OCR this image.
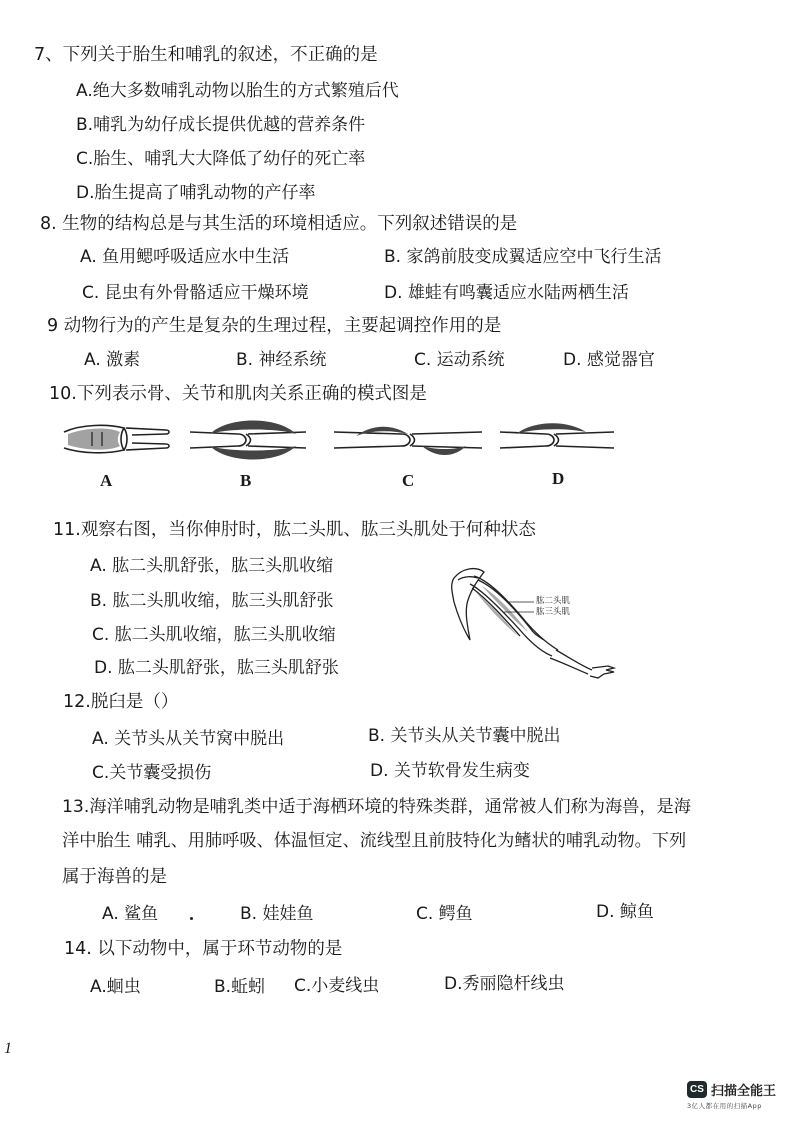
7、下列关于胎生和哺乳的叙述，不正确的是
A.绝大多数哺乳动物以胎生的方式繁殖后代
B.哺乳为幼仔成长提供优越的营养条件
C.胎生、哺乳大大降低了幼仔的死亡率
D.胎生提高了哺乳动物的产仔率
8. 生物的结构总是与其生活的环境相适应。下列叙述错误的是
A. 鱼用鳃呼吸适应水中生活	B. 家鸽前肢变成翼适应空中飞行生活
C. 昆虫有外骨骼适应干燥环境	D. 雄蛙有鸣囊适应水陆两栖生活
9 动物行为的产生是复杂的生理过程，主要起调控作用的是
A. 激素	B. 神经系统	C. 运动系统	D. 感觉器官
10.下列表示骨、关节和肌肉关系正确的模式图是
A	B	C	D
11.观察右图，当你伸肘时，肱二头肌、肱三头肌处于何种状态
A. 肱二头肌舒张，肱三头肌收缩
B. 肱二头肌收缩，肱三头肌舒张
C. 肱二头肌收缩，肱三头肌收缩
D. 肱二头肌舒张，肱三头肌舒张
肱二头肌
肱三头肌
12.脱臼是（）
A. 关节头从关节窝中脱出	B. 关节头从关节囊中脱出
C.关节囊受损伤	D. 关节软骨发生病变
13.海洋哺乳动物是哺乳类中适于海栖环境的特殊类群，通常被人们称为海兽，是海
洋中胎生 哺乳、用肺呼吸、体温恒定、流线型且前肢特化为鳍状的哺乳动物。下列
属于海兽的是
A. 鲨鱼	B. 娃娃鱼	C. 鳄鱼	D. 鲸鱼
14. 以下动物中，属于环节动物的是
A.蛔虫	B.蚯蚓 C.小麦线虫	D.秀丽隐杆线虫
1
CS 扫描全能王
3亿人都在用的扫描App
